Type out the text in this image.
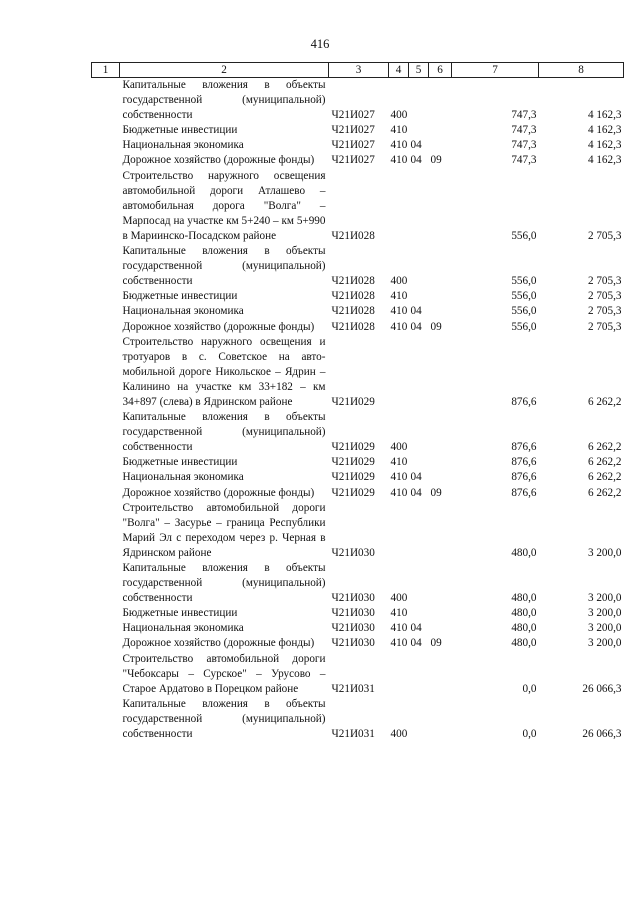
416
1	2	3	4	5	6	7	8
	Капитальные вложения в объекты государственной (муниципальной) собственности	Ч21И027	400			747,3	4 162,3
	Бюджетные инвестиции	Ч21И027	410			747,3	4 162,3
	Национальная экономика	Ч21И027	410	04		747,3	4 162,3
	Дорожное хозяйство (дорожные фонды)	Ч21И027	410	04	09	747,3	4 162,3
	Строительство наружного освещения автомобильной дороги Атлашево – автомобильная дорога "Волга" – Марпосад на участке км 5+240 – км 5+990 в Мариинско-Посадском районе	Ч21И028				556,0	2 705,3
	Капитальные вложения в объекты государственной (муниципальной) собственности	Ч21И028	400			556,0	2 705,3
	Бюджетные инвестиции	Ч21И028	410			556,0	2 705,3
	Национальная экономика	Ч21И028	410	04		556,0	2 705,3
	Дорожное хозяйство (дорожные фонды)	Ч21И028	410	04	09	556,0	2 705,3
	Строительство наружного освещения и тротуаров в с. Советское на автомобильной дороге Никольское – Ядрин – Калинино на участке км 33+182 – км 34+897 (слева) в Ядринском районе	Ч21И029				876,6	6 262,2
	Капитальные вложения в объекты государственной (муниципальной) собственности	Ч21И029	400			876,6	6 262,2
	Бюджетные инвестиции	Ч21И029	410			876,6	6 262,2
	Национальная экономика	Ч21И029	410	04		876,6	6 262,2
	Дорожное хозяйство (дорожные фонды)	Ч21И029	410	04	09	876,6	6 262,2
	Строительство автомобильной дороги "Волга" – Засурье – граница Республики Марий Эл с переходом через р. Черная в Ядринском районе	Ч21И030				480,0	3 200,0
	Капитальные вложения в объекты государственной (муниципальной) собственности	Ч21И030	400			480,0	3 200,0
	Бюджетные инвестиции	Ч21И030	410			480,0	3 200,0
	Национальная экономика	Ч21И030	410	04		480,0	3 200,0
	Дорожное хозяйство (дорожные фонды)	Ч21И030	410	04	09	480,0	3 200,0
	Строительство автомобильной дороги "Чебоксары – Сурское" – Урусово – Старое Ардатово в Порецком районе	Ч21И031				0,0	26 066,3
	Капитальные вложения в объекты государственной (муниципальной) собственности	Ч21И031	400			0,0	26 066,3
